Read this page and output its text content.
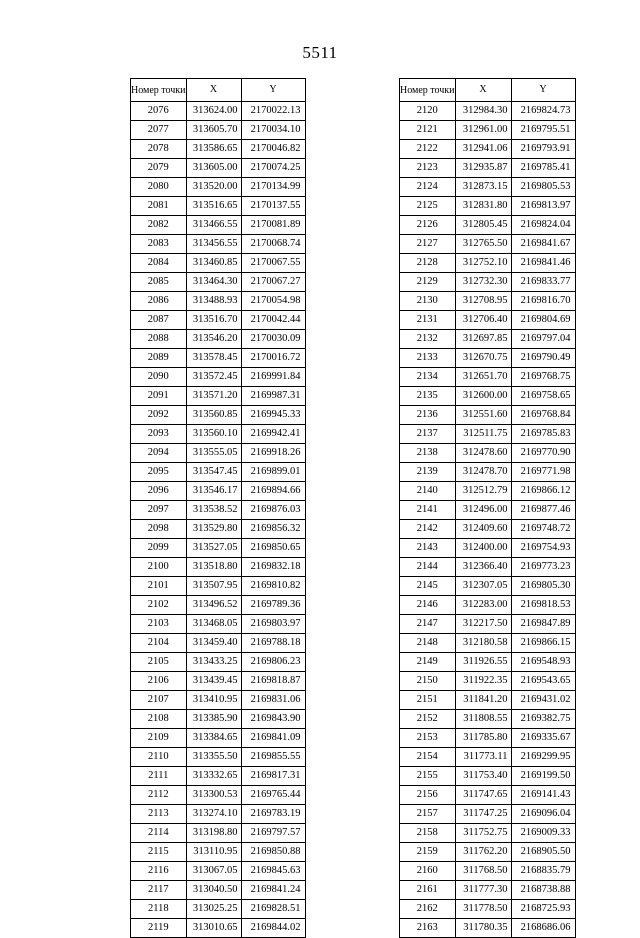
5511
Номер точки	X	Y
2076	313624.00	2170022.13
2077	313605.70	2170034.10
2078	313586.65	2170046.82
2079	313605.00	2170074.25
2080	313520.00	2170134.99
2081	313516.65	2170137.55
2082	313466.55	2170081.89
2083	313456.55	2170068.74
2084	313460.85	2170067.55
2085	313464.30	2170067.27
2086	313488.93	2170054.98
2087	313516.70	2170042.44
2088	313546.20	2170030.09
2089	313578.45	2170016.72
2090	313572.45	2169991.84
2091	313571.20	2169987.31
2092	313560.85	2169945.33
2093	313560.10	2169942.41
2094	313555.05	2169918.26
2095	313547.45	2169899.01
2096	313546.17	2169894.66
2097	313538.52	2169876.03
2098	313529.80	2169856.32
2099	313527.05	2169850.65
2100	313518.80	2169832.18
2101	313507.95	2169810.82
2102	313496.52	2169789.36
2103	313468.05	2169803.97
2104	313459.40	2169788.18
2105	313433.25	2169806.23
2106	313439.45	2169818.87
2107	313410.95	2169831.06
2108	313385.90	2169843.90
2109	313384.65	2169841.09
2110	313355.50	2169855.55
2111	313332.65	2169817.31
2112	313300.53	2169765.44
2113	313274.10	2169783.19
2114	313198.80	2169797.57
2115	313110.95	2169850.88
2116	313067.05	2169845.63
2117	313040.50	2169841.24
2118	313025.25	2169828.51
2119	313010.65	2169844.02
Номер точки	X	Y
2120	312984.30	2169824.73
2121	312961.00	2169795.51
2122	312941.06	2169793.91
2123	312935.87	2169785.41
2124	312873.15	2169805.53
2125	312831.80	2169813.97
2126	312805.45	2169824.04
2127	312765.50	2169841.67
2128	312752.10	2169841.46
2129	312732.30	2169833.77
2130	312708.95	2169816.70
2131	312706.40	2169804.69
2132	312697.85	2169797.04
2133	312670.75	2169790.49
2134	312651.70	2169768.75
2135	312600.00	2169758.65
2136	312551.60	2169768.84
2137	312511.75	2169785.83
2138	312478.60	2169770.90
2139	312478.70	2169771.98
2140	312512.79	2169866.12
2141	312496.00	2169877.46
2142	312409.60	2169748.72
2143	312400.00	2169754.93
2144	312366.40	2169773.23
2145	312307.05	2169805.30
2146	312283.00	2169818.53
2147	312217.50	2169847.89
2148	312180.58	2169866.15
2149	311926.55	2169548.93
2150	311922.35	2169543.65
2151	311841.20	2169431.02
2152	311808.55	2169382.75
2153	311785.80	2169335.67
2154	311773.11	2169299.95
2155	311753.40	2169199.50
2156	311747.65	2169141.43
2157	311747.25	2169096.04
2158	311752.75	2169009.33
2159	311762.20	2168905.50
2160	311768.50	2168835.79
2161	311777.30	2168738.88
2162	311778.50	2168725.93
2163	311780.35	2168686.06
